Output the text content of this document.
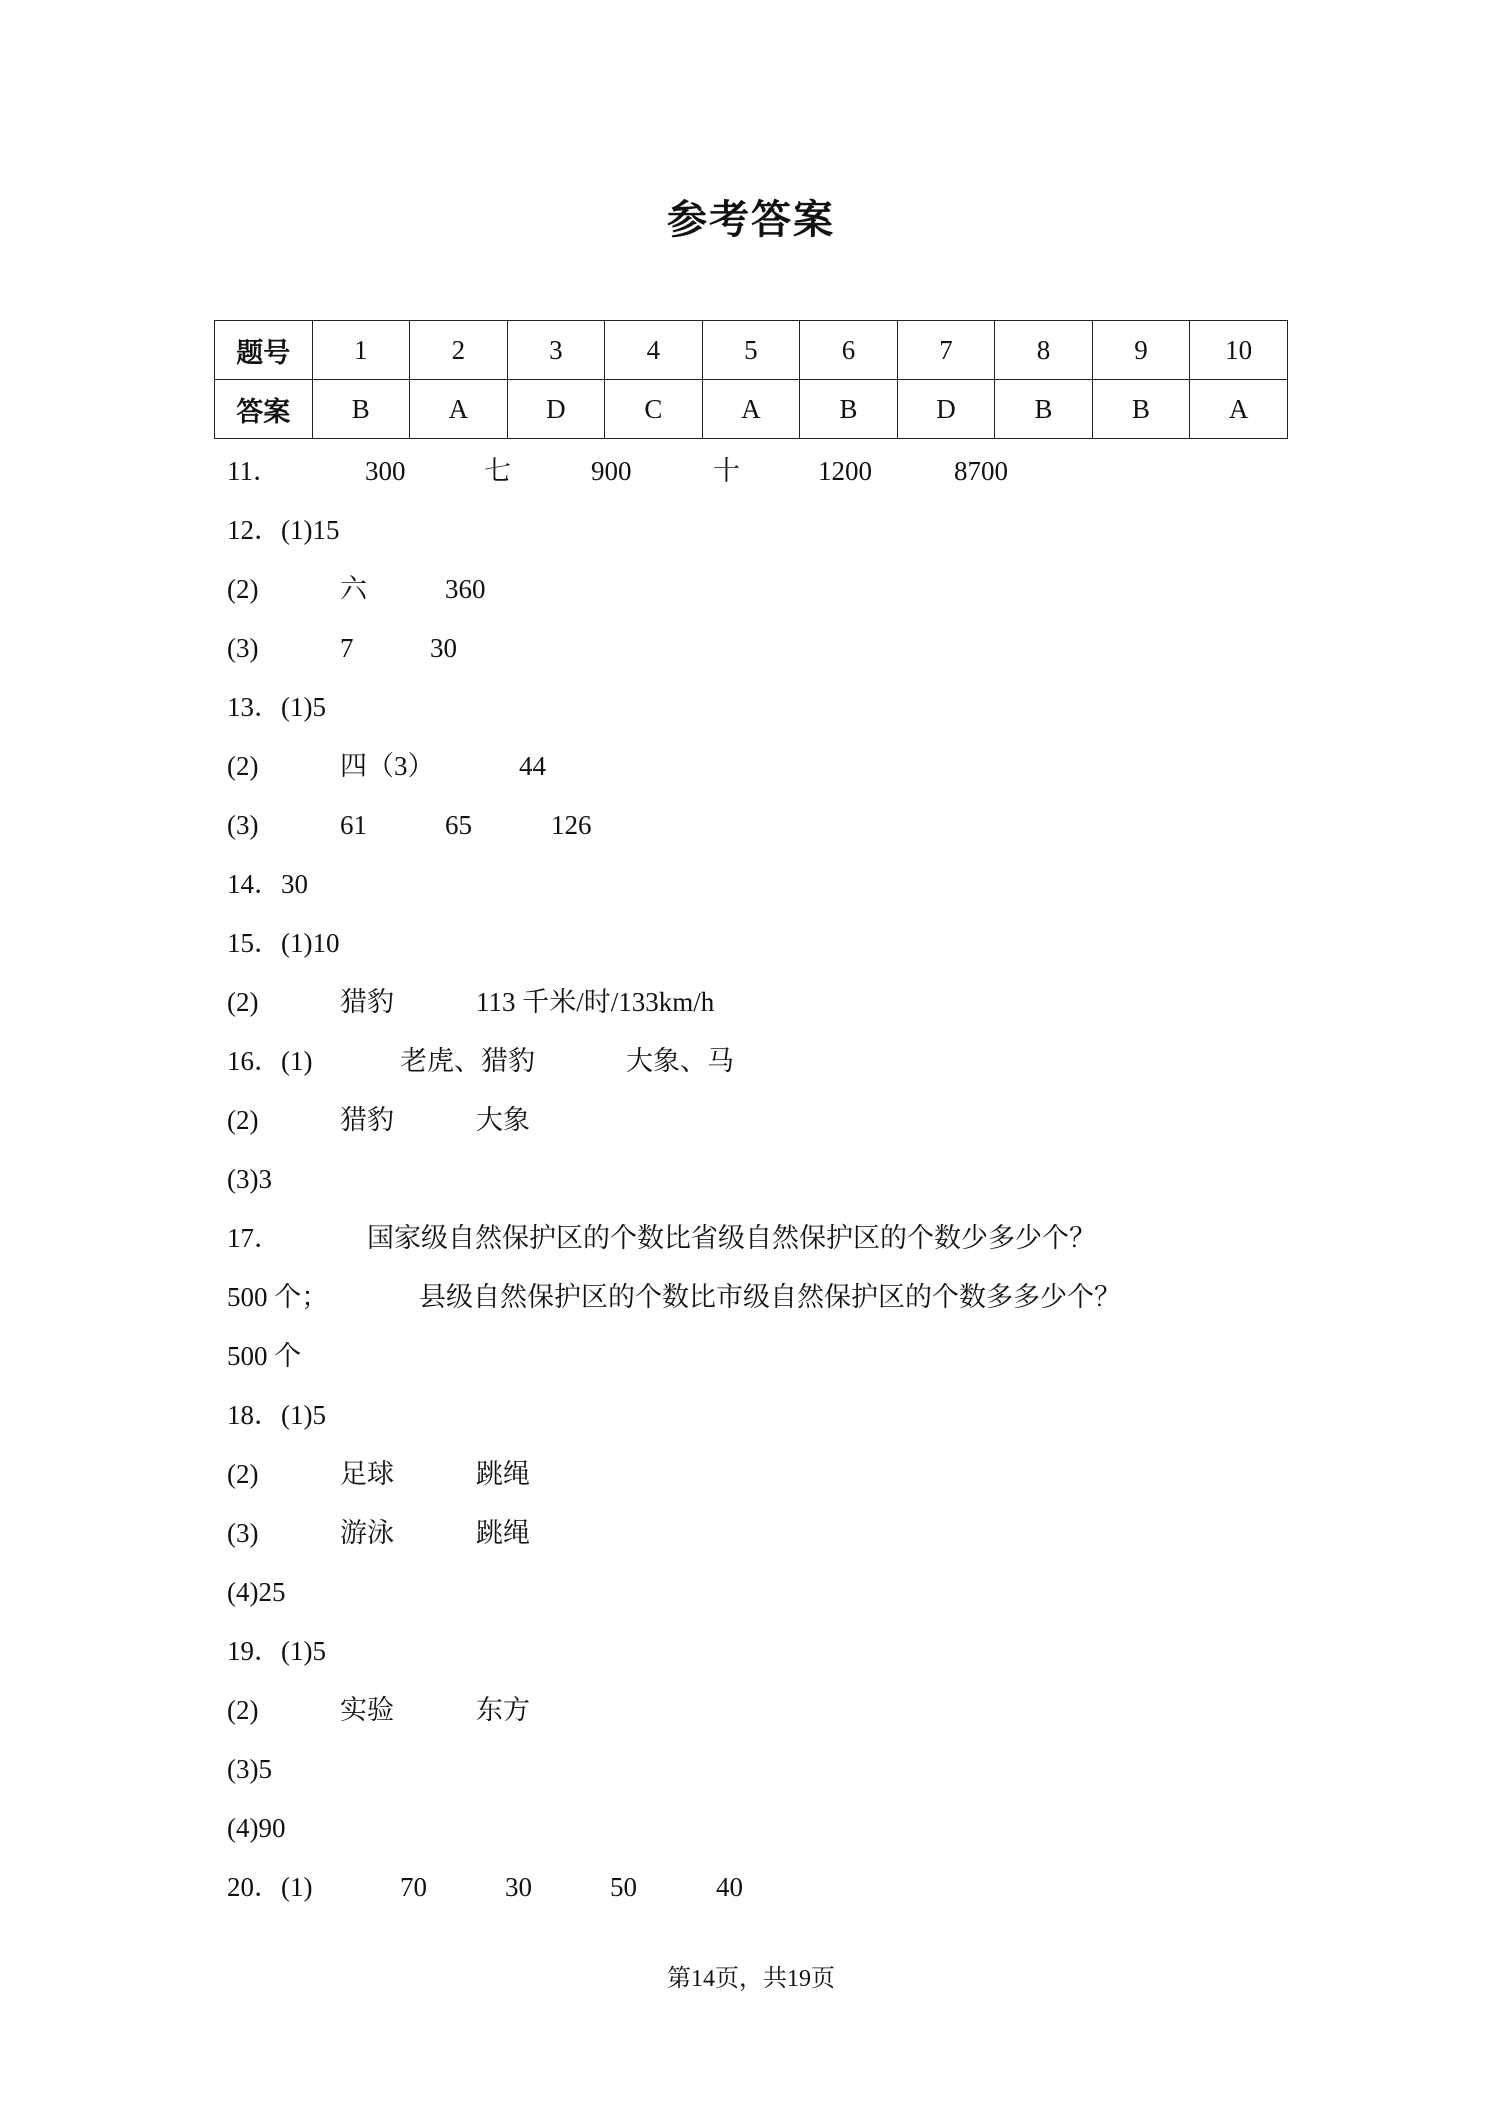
参考答案
题号	1	2	3	4	5	6	7	8	9	10
答案	B	A	D	C	A	B	D	B	B	A
11．	300	七	900	十	1200	8700
12．(1)15
(2)	六	360
(3)	7	30
13．(1)5
(2)	四（3）	44
(3)	61	65	126
14．30
15．(1)10
(2)	猎豹	113 千米/时/133km/h
16．(1)	老虎、猎豹	大象、马
(2)	猎豹	大象
(3)3
17．	国家级自然保护区的个数比省级自然保护区的个数少多少个？
500 个；	县级自然保护区的个数比市级自然保护区的个数多多少个？
500 个
18．(1)5
(2)	足球	跳绳
(3)	游泳	跳绳
(4)25
19．(1)5
(2)	实验	东方
(3)5
(4)90
20．(1)	70	30	50	40
第14页，共19页
